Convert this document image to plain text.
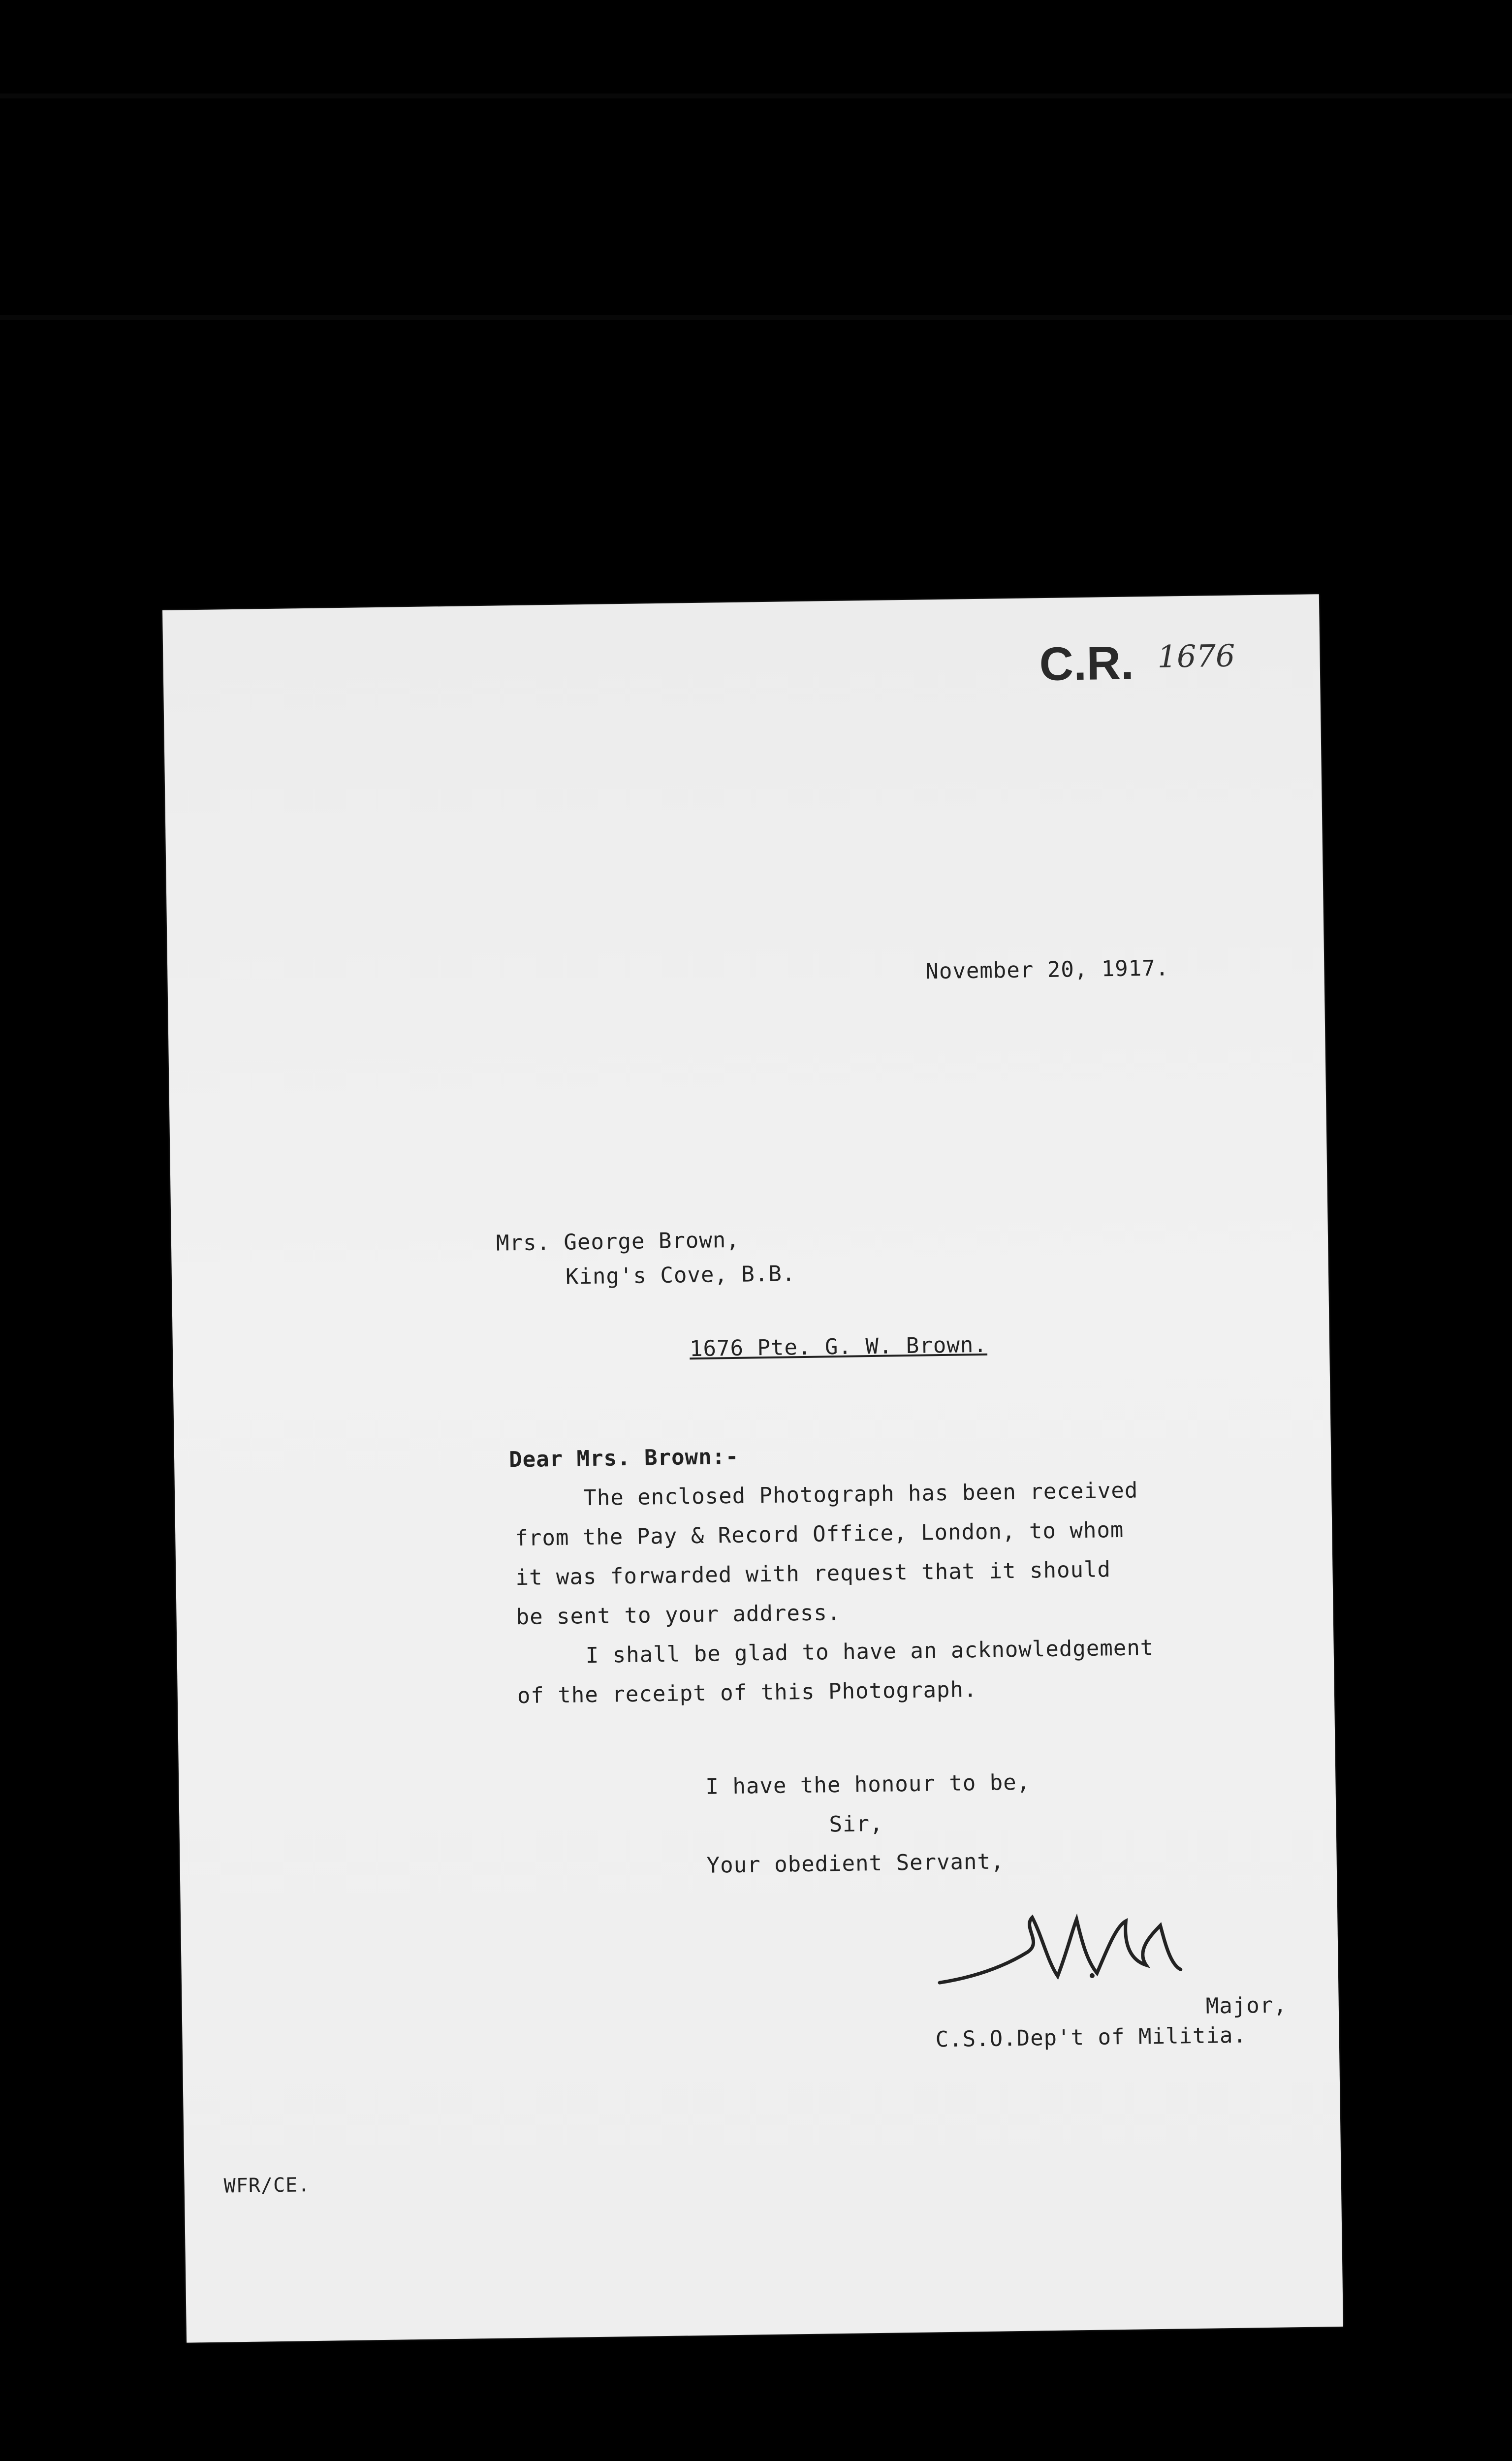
C.R. 1676
November 20, 1917.
Mrs. George Brown,
King's Cove, B.B.
1676 Pte. G. W. Brown.
Dear Mrs. Brown:-
The enclosed Photograph has been received
from the Pay & Record Office, London, to whom
it was forwarded with request that it should
be sent to your address.
I shall be glad to have an acknowledgement
of the receipt of this Photograph.
I have the honour to be,
Sir,
Your obedient Servant,
Major,
C.S.O.Dep't of Militia.
WFR/CE.
